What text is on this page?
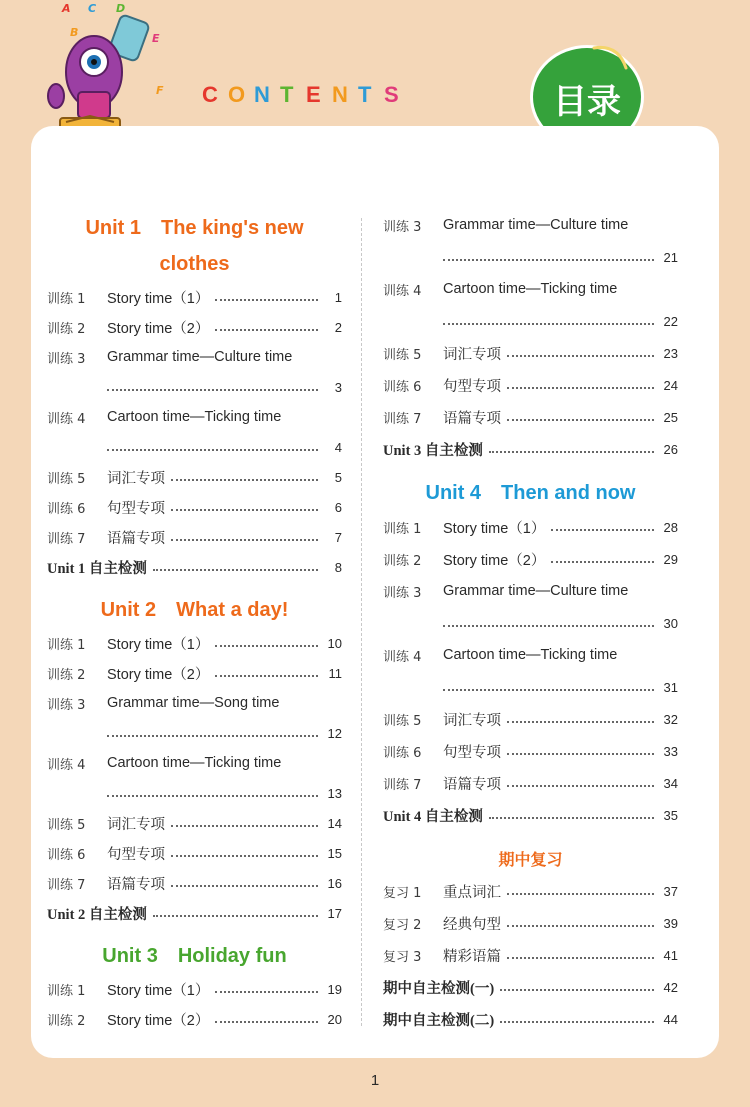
A C D
B	E
F C O N T E N T S	目录
Unit 1　The king's new
clothes
训练 1	Story time（1）	1
训练 2	Story time（2）	2
训练 3	Grammar time—Culture time
3
训练 4	Cartoon time—Ticking time
4
训练 5	词汇专项	5
训练 6	句型专项	6
训练 7	语篇专项	7
Unit 1 自主检测	8
Unit 2　What a day!
训练 1	Story time（1）	10
训练 2	Story time（2）	11
训练 3	Grammar time—Song time
12
训练 4	Cartoon time—Ticking time
13
训练 5	词汇专项	14
训练 6	句型专项	15
训练 7	语篇专项	16
Unit 2 自主检测	17
Unit 3　Holiday fun
训练 1	Story time（1）	19
训练 2	Story time（2）	20
训练 3	Grammar time—Culture time
21
训练 4	Cartoon time—Ticking time
22
训练 5	词汇专项	23
训练 6	句型专项	24
训练 7	语篇专项	25
Unit 3 自主检测	26
Unit 4　Then and now
训练 1	Story time（1）	28
训练 2	Story time（2）	29
训练 3	Grammar time—Culture time
30
训练 4	Cartoon time—Ticking time
31
训练 5	词汇专项	32
训练 6	句型专项	33
训练 7	语篇专项	34
Unit 4 自主检测	35
期中复习
复习 1	重点词汇	37
复习 2	经典句型	39
复习 3	精彩语篇	41
期中自主检测(一)	42
期中自主检测(二)	44
1
